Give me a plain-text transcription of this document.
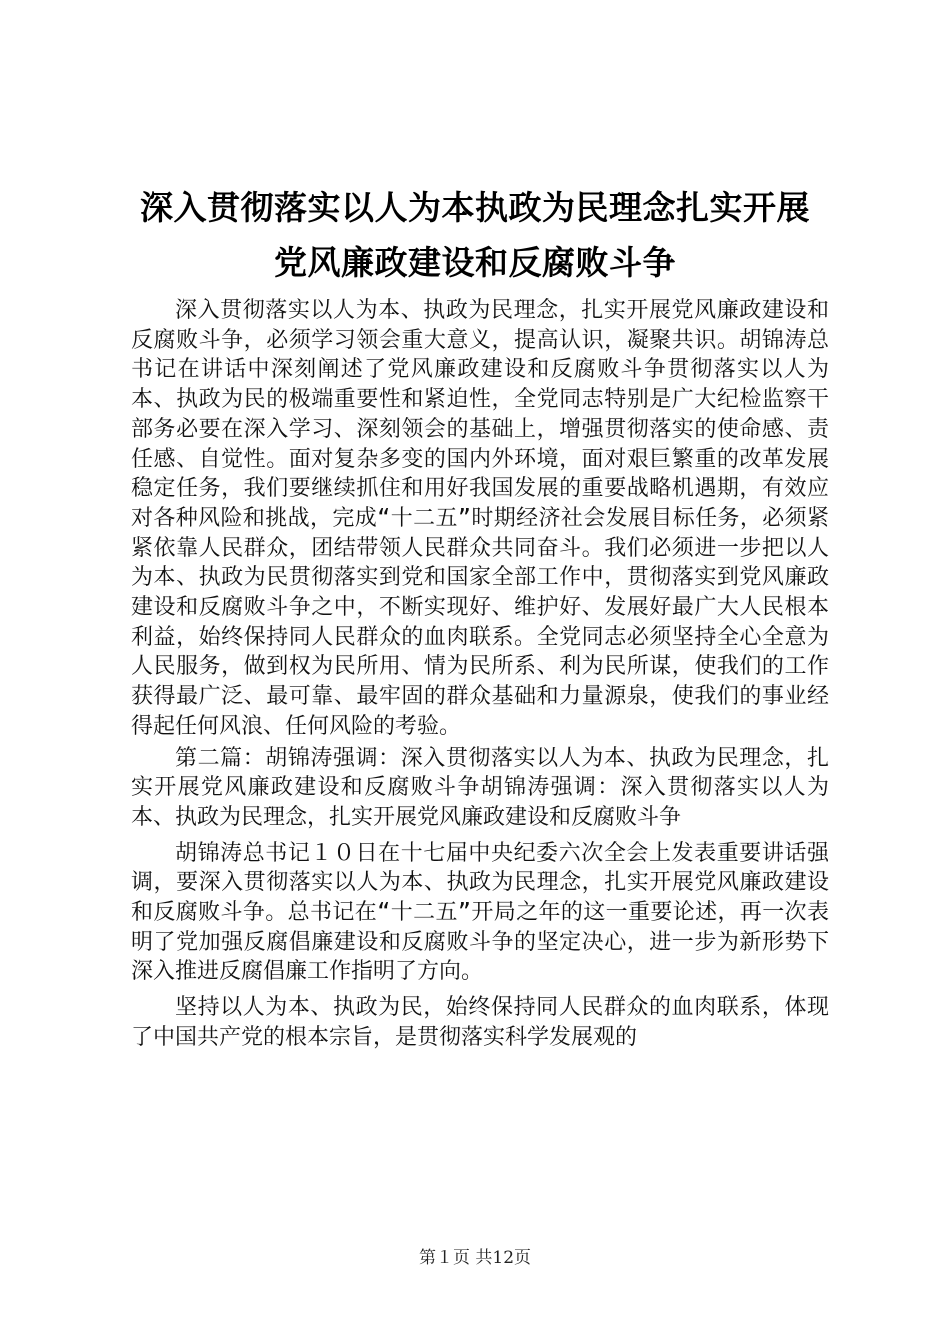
深入贯彻落实以人为本执政为民理念扎实开展
党风廉政建设和反腐败斗争

深入贯彻落实以人为本、执政为民理念，扎实开展党风廉政建设和反腐败斗争，必须学习领会重大意义，提高认识，凝聚共识。胡锦涛总书记在讲话中深刻阐述了党风廉政建设和反腐败斗争贯彻落实以人为本、执政为民的极端重要性和紧迫性，全党同志特别是广大纪检监察干部务必要在深入学习、深刻领会的基础上，增强贯彻落实的使命感、责任感、自觉性。面对复杂多变的国内外环境，面对艰巨繁重的改革发展稳定任务，我们要继续抓住和用好我国发展的重要战略机遇期，有效应对各种风险和挑战，完成“十二五”时期经济社会发展目标任务，必须紧紧依靠人民群众，团结带领人民群众共同奋斗。我们必须进一步把以人为本、执政为民贯彻落实到党和国家全部工作中，贯彻落实到党风廉政建设和反腐败斗争之中，不断实现好、维护好、发展好最广大人民根本利益，始终保持同人民群众的血肉联系。全党同志必须坚持全心全意为人民服务，做到权为民所用、情为民所系、利为民所谋，使我们的工作获得最广泛、最可靠、最牢固的群众基础和力量源泉，使我们的事业经得起任何风浪、任何风险的考验。

第二篇：胡锦涛强调：深入贯彻落实以人为本、执政为民理念，扎实开展党风廉政建设和反腐败斗争胡锦涛强调：深入贯彻落实以人为本、执政为民理念，扎实开展党风廉政建设和反腐败斗争

胡锦涛总书记１０日在十七届中央纪委六次全会上发表重要讲话强调，要深入贯彻落实以人为本、执政为民理念，扎实开展党风廉政建设和反腐败斗争。总书记在“十二五”开局之年的这一重要论述，再一次表明了党加强反腐倡廉建设和反腐败斗争的坚定决心，进一步为新形势下深入推进反腐倡廉工作指明了方向。

坚持以人为本、执政为民，始终保持同人民群众的血肉联系，体现了中国共产党的根本宗旨，是贯彻落实科学发展观的

第１页 共12页
